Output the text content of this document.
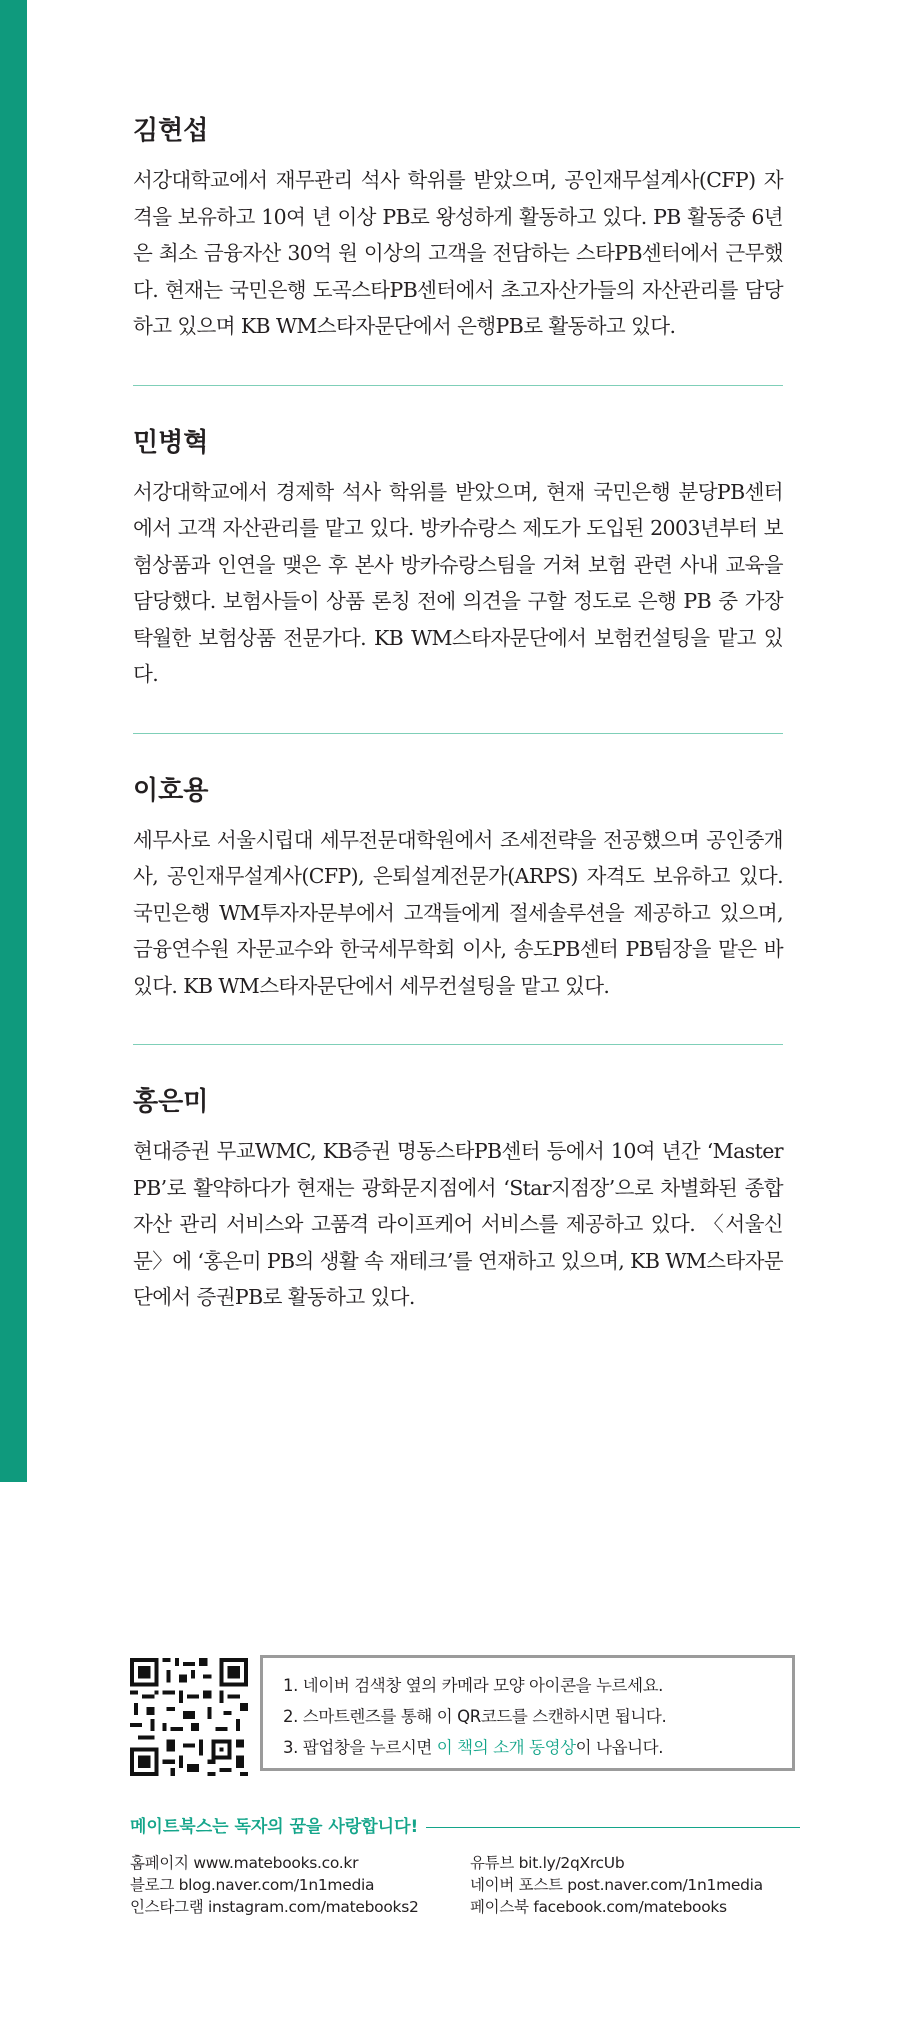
김현섭

서강대학교에서 재무관리 석사 학위를 받았으며, 공인재무설계사(CFP) 자격을 보유하고 10여 년 이상 PB로 왕성하게 활동하고 있다. PB 활동중 6년은 최소 금융자산 30억 원 이상의 고객을 전담하는 스타PB센터에서 근무했다. 현재는 국민은행 도곡스타PB센터에서 초고자산가들의 자산관리를 담당하고 있으며 KB WM스타자문단에서 은행PB로 활동하고 있다.

민병혁

서강대학교에서 경제학 석사 학위를 받았으며, 현재 국민은행 분당PB센터에서 고객 자산관리를 맡고 있다. 방카슈랑스 제도가 도입된 2003년부터 보험상품과 인연을 맺은 후 본사 방카슈랑스팀을 거쳐 보험 관련 사내 교육을 담당했다. 보험사들이 상품 론칭 전에 의견을 구할 정도로 은행 PB 중 가장 탁월한 보험상품 전문가다. KB WM스타자문단에서 보험컨설팅을 맡고 있다.

이호용

세무사로 서울시립대 세무전문대학원에서 조세전략을 전공했으며 공인중개사, 공인재무설계사(CFP), 은퇴설계전문가(ARPS) 자격도 보유하고 있다. 국민은행 WM투자자문부에서 고객들에게 절세솔루션을 제공하고 있으며, 금융연수원 자문교수와 한국세무학회 이사, 송도PB센터 PB팀장을 맡은 바 있다. KB WM스타자문단에서 세무컨설팅을 맡고 있다.

홍은미

현대증권 무교WMC, KB증권 명동스타PB센터 등에서 10여 년간 ‘Master PB’로 활약하다가 현재는 광화문지점에서 ‘Star지점장’으로 차별화된 종합자산 관리 서비스와 고품격 라이프케어 서비스를 제공하고 있다. 〈서울신문〉에 ‘홍은미 PB의 생활 속 재테크’를 연재하고 있으며, KB WM스타자문단에서 증권PB로 활동하고 있다.

1. 네이버 검색창 옆의 카메라 모양 아이콘을 누르세요.
2. 스마트렌즈를 통해 이 QR코드를 스캔하시면 됩니다.
3. 팝업창을 누르시면 이 책의 소개 동영상이 나옵니다.
메이트북스는 독자의 꿈을 사랑합니다!
홈페이지 www.matebooks.co.kr
블로그 blog.naver.com/1n1media
인스타그램 instagram.com/matebooks2
유튜브 bit.ly/2qXrcUb
네이버 포스트 post.naver.com/1n1media
페이스북 facebook.com/matebooks
